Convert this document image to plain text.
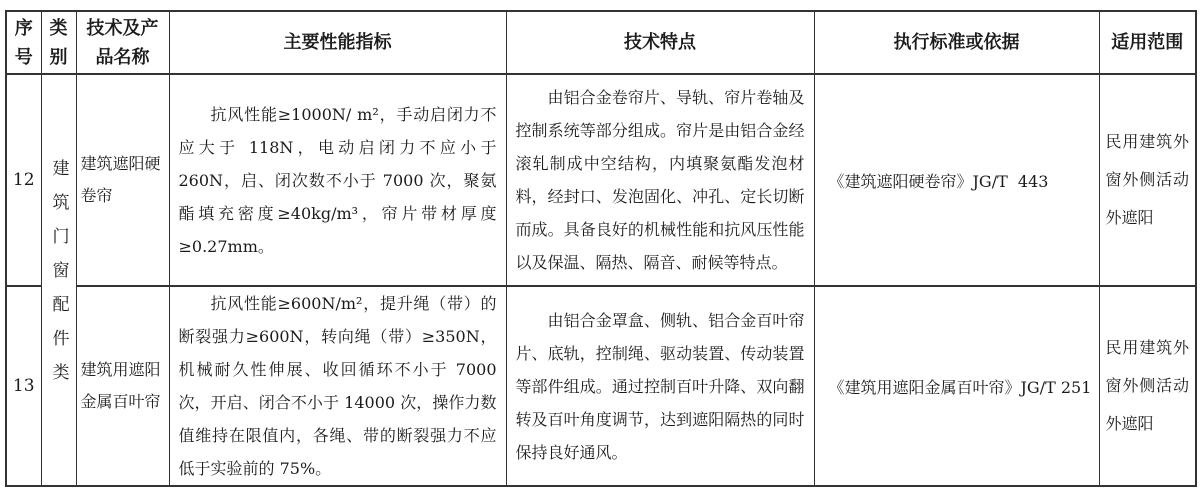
序号	类别	技术及产品名称	主要性能指标	技术特点	执行标准或依据	适用范围
12	建筑门窗配件类	建筑遮阳硬卷帘	抗风性能≥1000N/ m²，手动启闭力不应大于 118N，电动启闭力不应小于 260N，启、闭次数不小于 7000 次，聚氨酯填充密度≥40kg/m³，帘片带材厚度≥0.27mm。	由铝合金卷帘片、导轨、帘片卷轴及控制系统等部分组成。帘片是由铝合金经滚轧制成中空结构，内填聚氨酯发泡材料，经封口、发泡固化、冲孔、定长切断而成。具备良好的机械性能和抗风压性能以及保温、隔热、隔音、耐候等特点。	《建筑遮阳硬卷帘》JG/T  443	民用建筑外窗外侧活动外遮阳

13		建筑用遮阳金属百叶帘	抗风性能≥600N/m²，提升绳（带）的断裂强力≥600N，转向绳（带）≥350N，机械耐久性伸展、收回循环不小于 7000 次，开启、闭合不小于 14000 次，操作力数值维持在限值内，各绳、带的断裂强力不应低于实验前的 75%。	由铝合金罩盒、侧轨、铝合金百叶帘片、底轨，控制绳、驱动装置、传动装置等部件组成。通过控制百叶升降、双向翻转及百叶角度调节，达到遮阳隔热的同时保持良好通风。	《建筑用遮阳金属百叶帘》JG/T 251	民用建筑外窗外侧活动外遮阳
